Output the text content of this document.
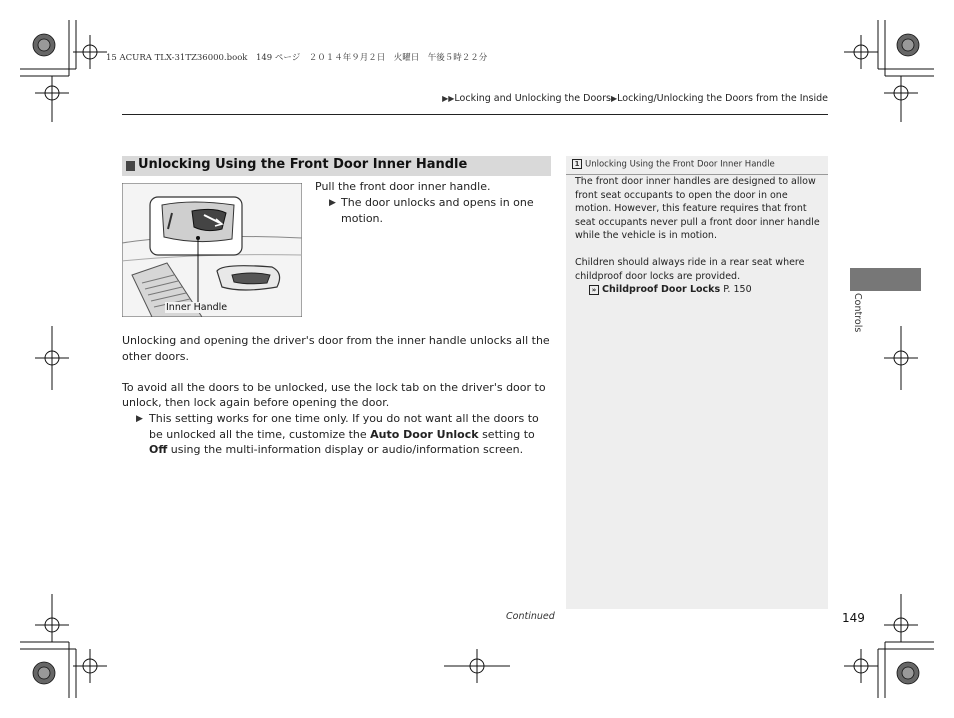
15 ACURA TLX-31TZ36000.book　149 ページ　２０１４年９月２日　火曜日　午後５時２２分
▶▶Locking and Unlocking the Doors▶Locking/Unlocking the Doors from the Inside
Unlocking Using the Front Door Inner Handle
Inner Handle
Pull the front door inner handle.
▶ The door unlocks and opens in one motion.

Unlocking and opening the driver's door from the inner handle unlocks all the other doors.

To avoid all the doors to be unlocked, use the lock tab on the driver's door to unlock, then lock again before opening the door.

▶ This setting works for one time only. If you do not want all the doors to be unlocked all the time, customize the Auto Door Unlock setting to Off using the multi-information display or audio/information screen.
1 Unlocking Using the Front Door Inner Handle

The front door inner handles are designed to allow front seat occupants to open the door in one motion. However, this feature requires that front seat occupants never pull a front door inner handle while the vehicle is in motion.

Children should always ride in a rear seat where childproof door locks are provided.

» Childproof Door Locks P. 150
Controls
Continued	149
